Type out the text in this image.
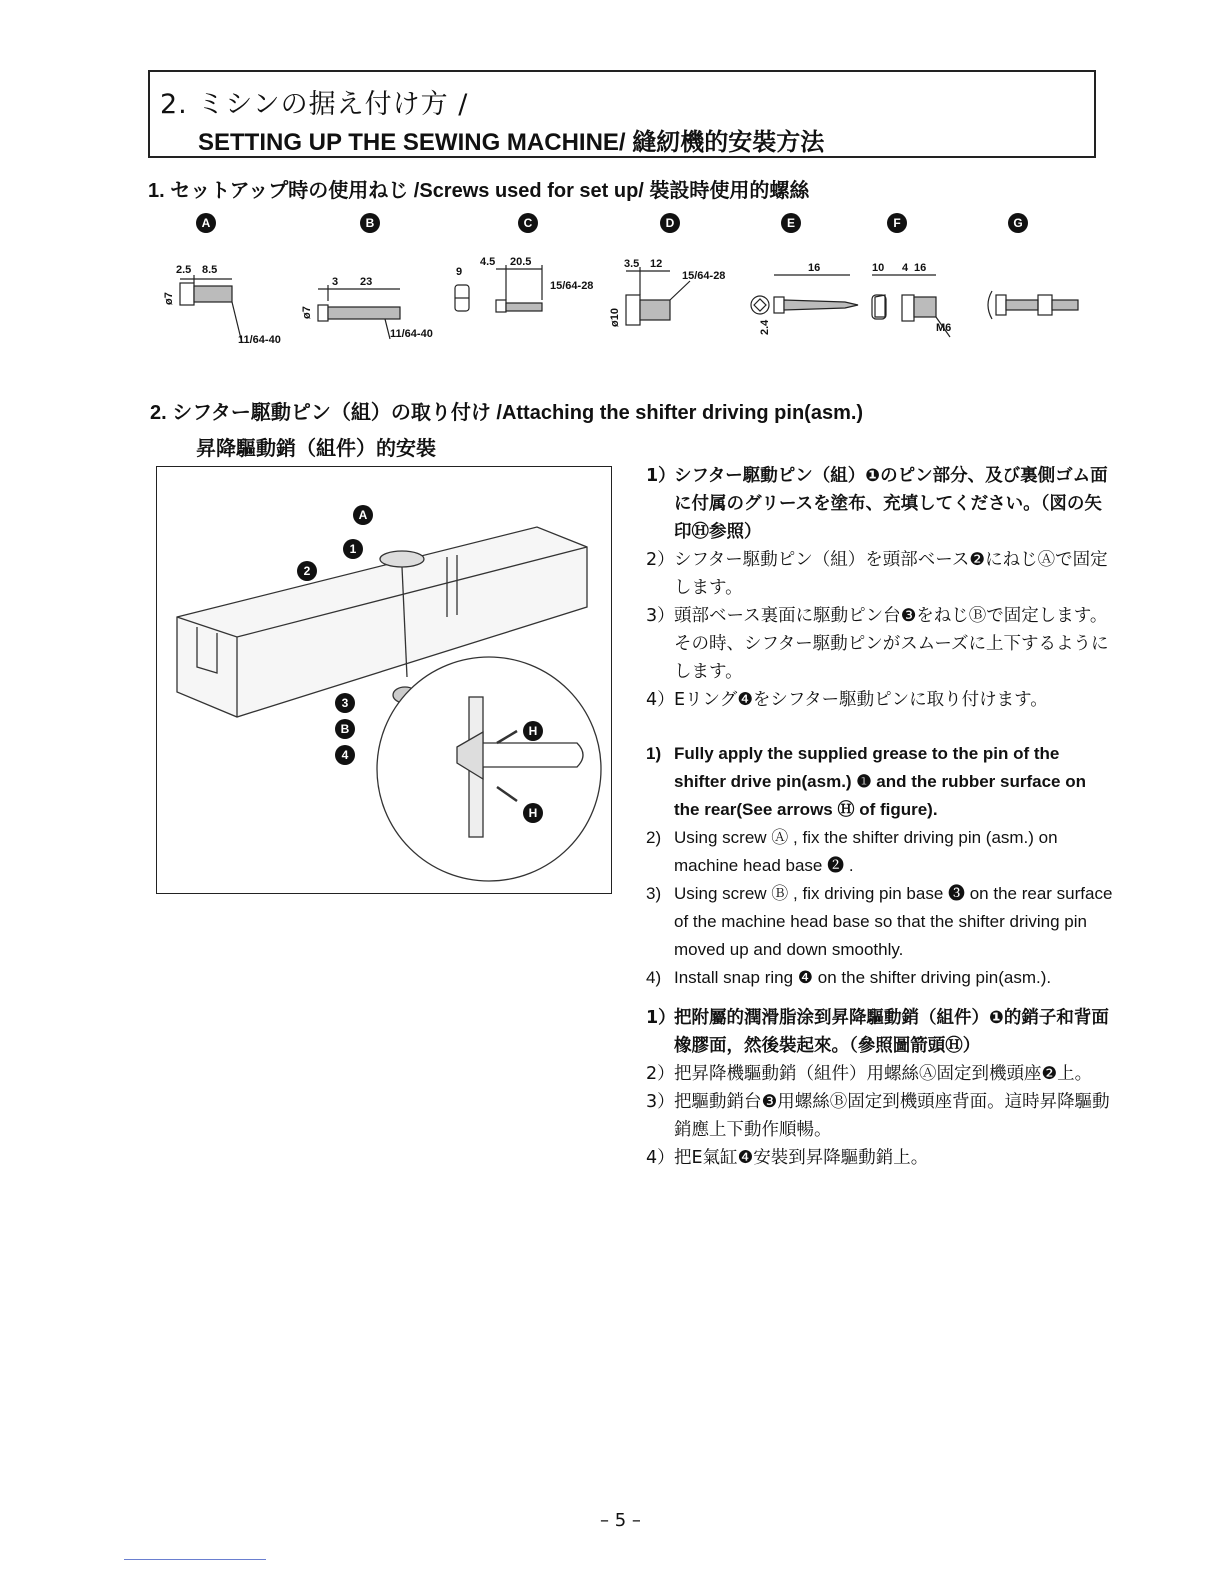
2. ミシンの据え付け方 /
SETTING UP THE SEWING MACHINE/ 縫紉機的安裝方法
1. セットアップ時の使用ねじ /Screws used for set up/ 裝設時使用的螺絲
A	B	C	D	E	F	G
2.5 8.5
ø7
11/64-40
3 23
ø7
11/64-40
9
4.5 20.5
15/64-28
3.5 12
ø10
15/64-28
16
2.4
10 4 16
M6
2. シフター駆動ピン（組）の取り付け /Attaching the shifter driving pin(asm.)
昇降驅動銷（組件）的安裝
A
1
2
3
B
4
H
H
1）
シフター駆動ピン（組）❶のピン部分、及び裏側ゴム面に付属のグリースを塗布、充填してください。（図の矢印Ⓗ参照）
2） シフター駆動ピン（組）を頭部ベース❷にねじⒶで固定します。
3） 頭部ベース裏面に駆動ピン台❸をねじⒷで固定します。その時、シフター駆動ピンがスムーズに上下するようにします。
4） Eリング❹をシフター駆動ピンに取り付けます。
1) Fully apply the supplied grease to the pin of the shifter drive pin(asm.) ❶ and the rubber surface on the rear(See arrows Ⓗ of figure).
2) Using screw Ⓐ , fix the shifter driving pin (asm.) on machine head base ❷ .
3) Using screw Ⓑ , fix driving pin base ❸ on the rear surface of the machine head base so that the shifter driving pin moved up and down smoothly.
4) Install snap ring ❹ on the shifter driving pin(asm.).
1）
把附屬的潤滑脂涂到昇降驅動銷（組件）❶的銷子和背面橡膠面，然後裝起來。（參照圖箭頭Ⓗ）
2） 把昇降機驅動銷（組件）用螺絲Ⓐ固定到機頭座❷上。
3） 把驅動銷台❸用螺絲Ⓑ固定到機頭座背面。這時昇降驅動銷應上下動作順暢。
4） 把E氣缸❹安裝到昇降驅動銷上。
– 5 –
